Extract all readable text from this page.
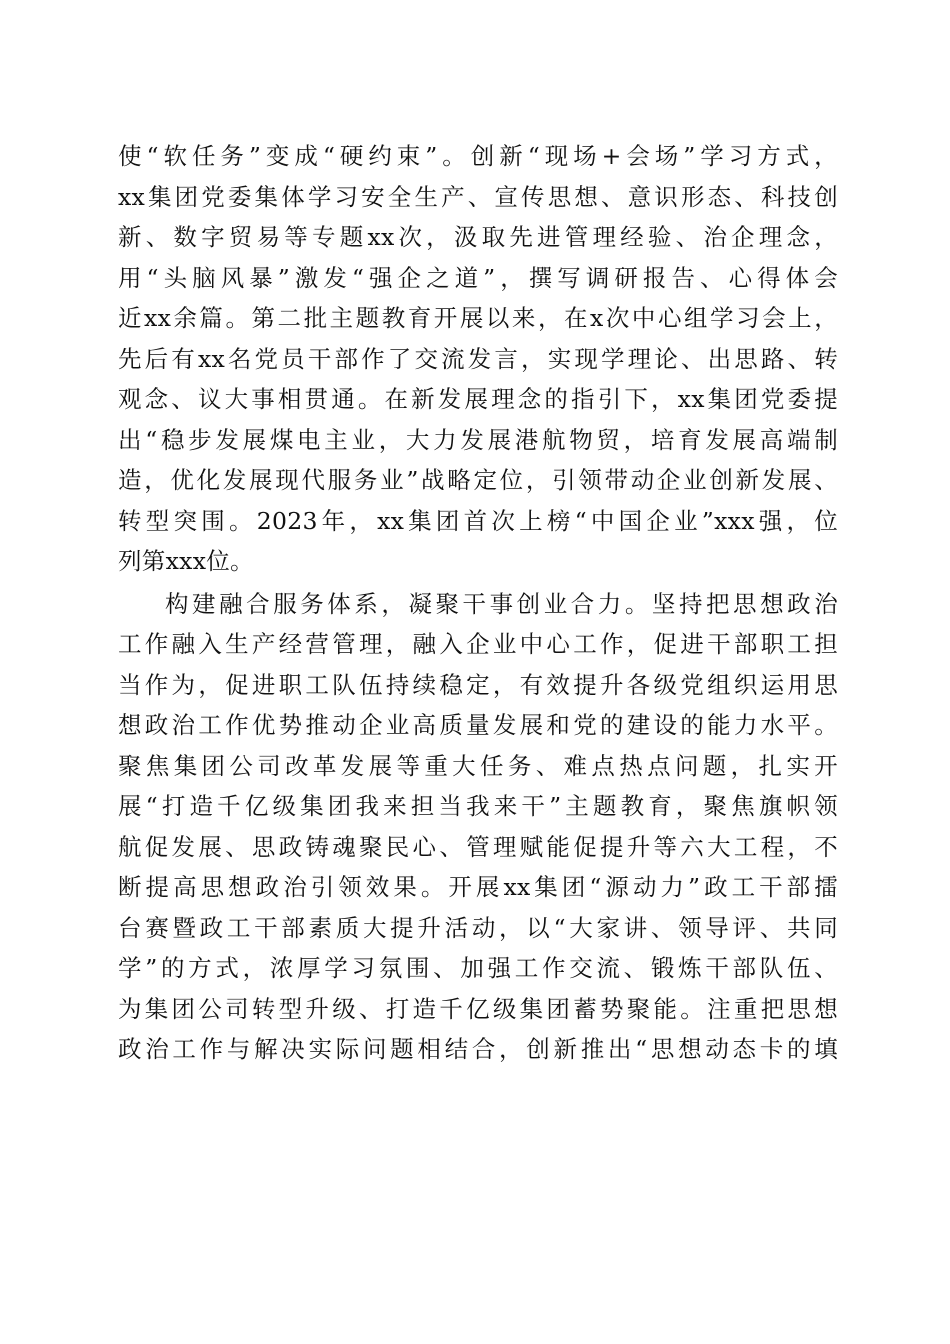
使“软任务”变成“硬约束”。创新“现场+会场”学习方式，
xx集团党委集体学习安全生产、宣传思想、意识形态、科技创
新、数字贸易等专题xx次，汲取先进管理经验、治企理念，
用“头脑风暴”激发“强企之道”，撰写调研报告、心得体会
近xx余篇。第二批主题教育开展以来，在x次中心组学习会上，
先后有xx名党员干部作了交流发言，实现学理论、出思路、转
观念、议大事相贯通。在新发展理念的指引下，xx集团党委提
出“稳步发展煤电主业，大力发展港航物贸，培育发展高端制
造，优化发展现代服务业”战略定位，引领带动企业创新发展、
转型突围。2023年，xx集团首次上榜“中国企业”xxx强，位
列第xxx位。
构建融合服务体系，凝聚干事创业合力。坚持把思想政治
工作融入生产经营管理，融入企业中心工作，促进干部职工担
当作为，促进职工队伍持续稳定，有效提升各级党组织运用思
想政治工作优势推动企业高质量发展和党的建设的能力水平。
聚焦集团公司改革发展等重大任务、难点热点问题，扎实开
展“打造千亿级集团我来担当我来干”主题教育，聚焦旗帜领
航促发展、思政铸魂聚民心、管理赋能促提升等六大工程，不
断提高思想政治引领效果。开展xx集团“源动力”政工干部擂
台赛暨政工干部素质大提升活动，以“大家讲、领导评、共同
学”的方式，浓厚学习氛围、加强工作交流、锻炼干部队伍、
为集团公司转型升级、打造千亿级集团蓄势聚能。注重把思想
政治工作与解决实际问题相结合，创新推出“思想动态卡的填
